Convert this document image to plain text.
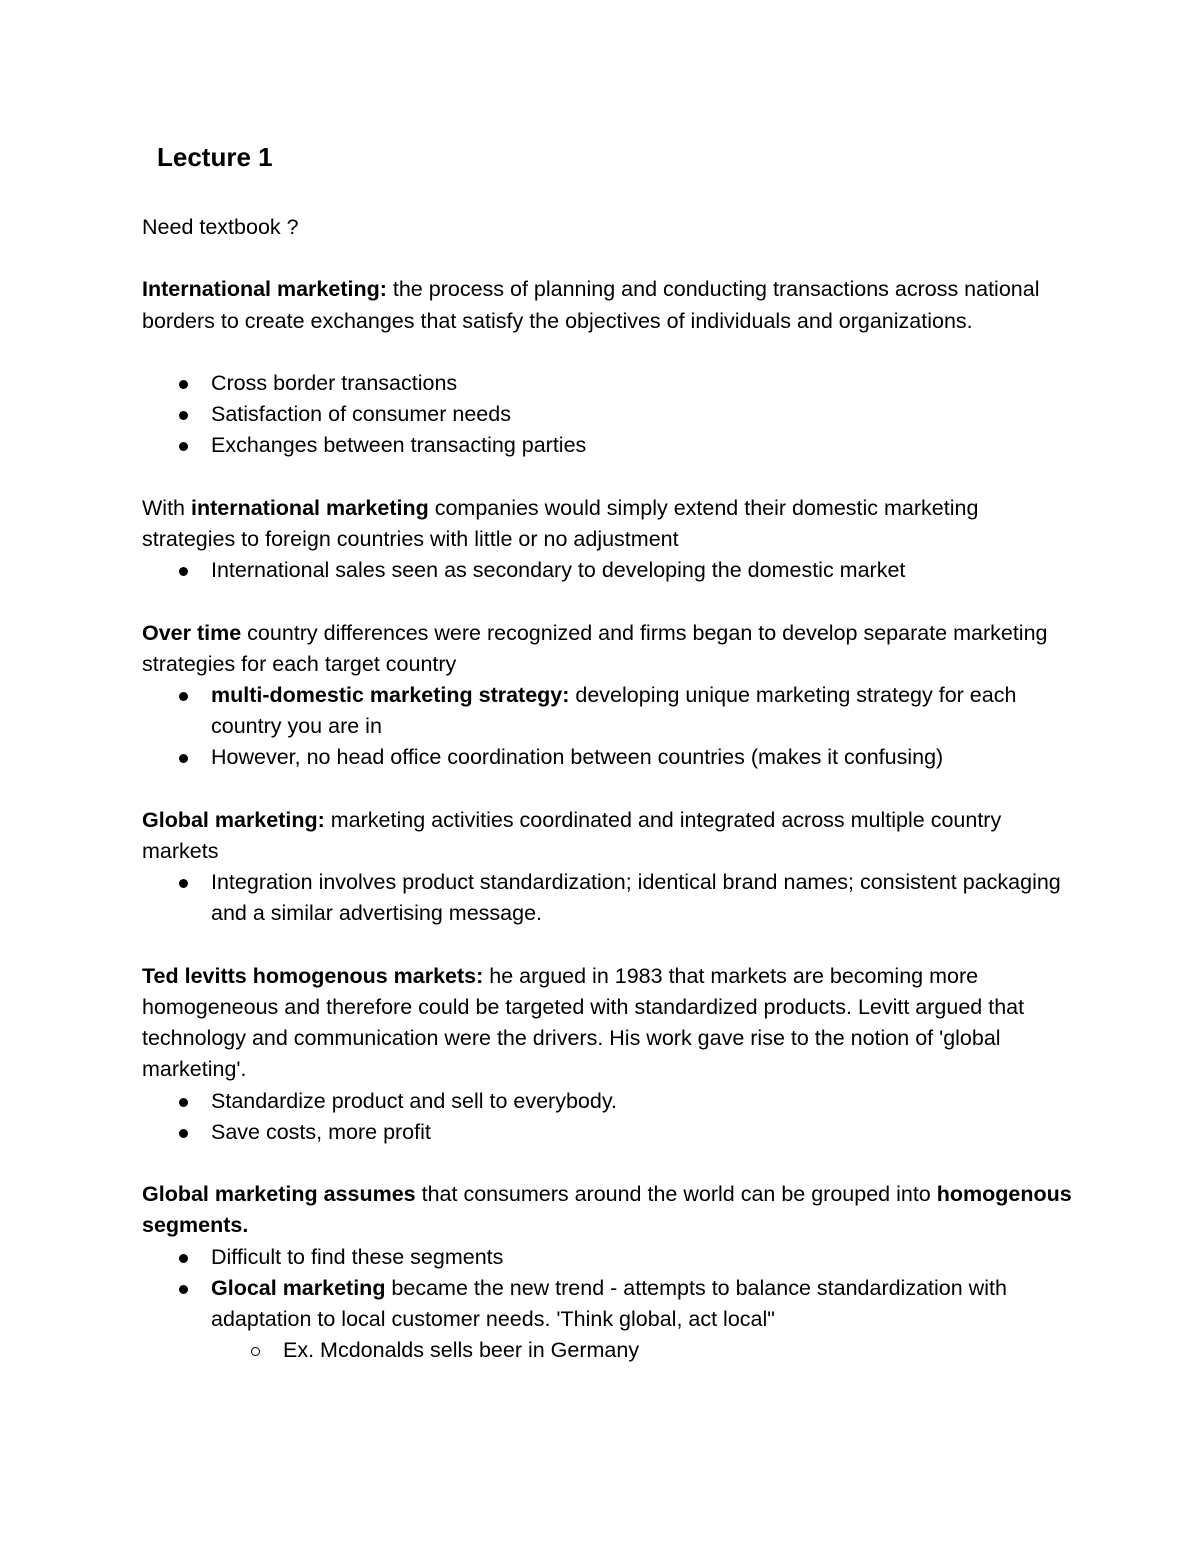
Lecture 1

Need textbook ?

International marketing: the process of planning and conducting transactions across national borders to create exchanges that satisfy the objectives of individuals and organizations.

Cross border transactions
Satisfaction of consumer needs
Exchanges between transacting parties

With international marketing companies would simply extend their domestic marketing strategies to foreign countries with little or no adjustment

International sales seen as secondary to developing the domestic market

Over time country differences were recognized and firms began to develop separate marketing strategies for each target country

multi-domestic marketing strategy: developing unique marketing strategy for each country you are in
However, no head office coordination between countries (makes it confusing)

Global marketing: marketing activities coordinated and integrated across multiple country markets

Integration involves product standardization; identical brand names; consistent packaging and a similar advertising message.

Ted levitts homogenous markets: he argued in 1983 that markets are becoming more homogeneous and therefore could be targeted with standardized products. Levitt argued that technology and communication were the drivers. His work gave rise to the notion of 'global marketing'.

Standardize product and sell to everybody.
Save costs, more profit

Global marketing assumes that consumers around the world can be grouped into homogenous segments.

Difficult to find these segments
Glocal marketing became the new trend - attempts to balance standardization with adaptation to local customer needs. 'Think global, act local"
Ex. Mcdonalds sells beer in Germany
